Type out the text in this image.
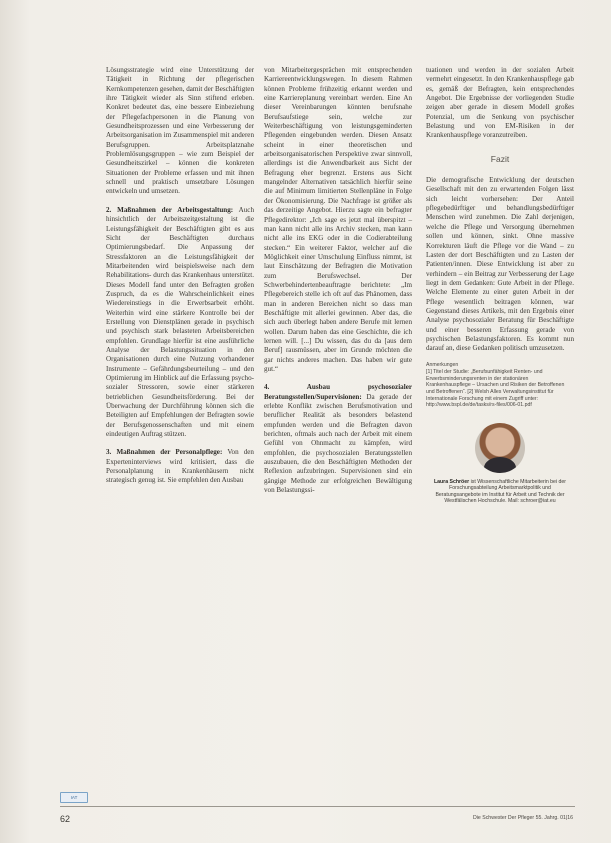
Lösungsstrategie wird eine Unterstützung der Tätigkeit in Richtung der pflegerischen Kernkompetenzen gesehen, damit der Beschäftigten ihre Tätigkeit wieder als Sinn stiftend erleben. Konkret bedeutet das, eine bessere Einbeziehung der Pflegefachpersonen in die Planung von Gesundheitsprozessen und eine Verbesserung der Arbeitsorganisation im Zusammenspiel mit anderen Berufsgruppen. Arbeitsplatznahe Problemlösungsgruppen – wie zum Beispiel der Gesundheitszirkel – können die konkreten Situationen der Probleme erfassen und mit ihnen schnell und praktisch umsetzbare Lösungen entwickeln und umsetzen.

2. Maßnahmen der Arbeitsgestaltung: Auch hinsichtlich der Arbeitszeitgestaltung ist die Leistungsfähigkeit der Beschäftigten gibt es aus Sicht der Beschäftigten durchaus Optimierungsbedarf. Die Anpassung der Stressfaktoren an die Leistungsfähigkeit der Mitarbeitenden wird beispielsweise nach dem Rehabilitations- durch das Krankenhaus unterstützt. Dieses Modell fand unter den Befragten großen Zuspruch, da es die Wahrscheinlichkeit eines Wiedereinstiegs in die Erwerbsarbeit erhöht. Weiterhin wird eine stärkere Kontrolle bei der Erstellung von Dienstplänen gerade in psychisch und psychisch stark belasteten Arbeitsbereichen empfohlen. Grundlage hierfür ist eine ausführliche Analyse der Belastungssituation in den Organisationen durch eine Nutzung vorhandener Instrumente – Gefährdungsbeurteilung – und den Optimierung im Hinblick auf die Erfassung psycho-sozialer Stressoren, sowie einer stärkeren betrieblichen Gesundheitsförderung. Bei der Überwachung der Durchführung können sich die Beteiligten auf Empfehlungen der Befragten sowie der Berufsgenossenschaften und mit einem eindeutigen Auftrag stützen.

3. Maßnahmen der Personalpflege: Von den Experteninterviews wird kritisiert, dass die Personalplanung in Krankenhäusern nicht strategisch genug ist. Sie empfehlen den Ausbau

von Mitarbeitergesprächen mit entsprechenden Karriereentwicklungswegen. In diesem Rahmen können Probleme frühzeitig erkannt werden und eine Karriereplanung vereinbart werden. Eine An dieser Vereinbarungen könnten berufsnahe Berufsaufstiege sein, welche zur Weiterbeschäftigung von leistungsgeminderten Pflegenden eingebunden werden. Diesen Ansatz scheint in einer theoretischen und arbeitsorganisatorischen Perspektive zwar sinnvoll, allerdings ist die Anwendbarkeit aus Sicht der Befragung eher begrenzt. Erstens aus Sicht mangelnder Alternativen tatsächlich hierfür seine die auf Minimum limitierten Stellenpläne in Folge der Ökonomisierung. Die Nachfrage ist größer als das derzeitige Angebot. Hierzu sagte ein befragter Pflegedirektor: „Ich sage es jetzt mal überspitzt – man kann nicht alle ins Archiv stecken, man kann nicht alle ins EKG oder in die Codierabteilung stecken.“ Ein weiterer Faktor, welcher auf die Möglichkeit einer Umschulung Einfluss nimmt, ist laut Einschätzung der Befragten die Motivation zum Berufswechsel. Der Schwerbehindertenbeauftragte berichtete: „Im Pflegebereich stelle ich oft auf das Phänomen, dass man in anderen Bereichen nicht so dass man Beschäftigte mit allerlei gewinnen. Aber das, die sich auch überlegt haben andere Berufe mit lernen wollen. Darum haben das eine Geschichte, die ich lernen will. [...] Du wissen, das du da [aus dem Beruf] rausmüssen, aber im Grunde möchten die gar nichts anderes machen. Das haben wir gute gut.“

4. Ausbau psychosozialer Beratungsstellen/Supervisionen: Da gerade der erlebte Konflikt zwischen Berufsmotivation und beruflicher Realität als besonders belastend empfunden werden und die Befragten davon berichten, oftmals auch nach der Arbeit mit einem Gefühl von Ohnmacht zu kämpfen, wird empfohlen, die psychosozialen Beratungsstellen auszubauen, die den Beschäftigten Methoden der Reflexion aufzubringen. Supervisionen sind ein gängige Methode zur erfolgreichen Bewältigung von Belastungssi-

tuationen und werden in der sozialen Arbeit vermehrt eingesetzt. In den Krankenhauspflege gab es, gemäß der Befragten, kein entsprechendes Angebot. Die Ergebnisse der vorliegenden Studie zeigen aber gerade in diesem Modell großes Potenzial, um die Senkung von psychischer Belastung und von EM-Risiken in der Krankenhauspflege voranzutreiben.

Fazit

Die demografische Entwicklung der deutschen Gesellschaft mit den zu erwartenden Folgen lässt sich leicht vorhersehen: Der Anteil pflegebedürftiger und behandlungsbedürftiger Menschen wird zunehmen. Die Zahl derjenigen, welche die Pflege und Versorgung übernehmen sollen und können, sinkt. Ohne massive Korrekturen läuft die Pflege vor die Wand – zu Lasten der dort Beschäftigten und zu Lasten der Patienten/innen. Diese Entwicklung ist aber zu verhindern – ein Beitrag zur Verbesserung der Lage liegt in dem Gedanken: Gute Arbeit in der Pflege. Welche Elemente zu einer guten Arbeit in der Pflege wesentlich beitragen können, war Gegenstand dieses Artikels, mit den Ergebnis einer Analyse psychosozialer Beratung für Beschäftigte und einer besseren Erfassung gerade von psychischen Belastungsfaktoren. Es kommt nun darauf an, diese Gedanken politisch umzusetzen.

Anmerkungen
[1] Titel der Studie: „Berufsunfähigkeit Renten- und Erwerbsminderungsrenten in der stationären Krankenhauspflege – Ursachen und Risiken der Betroffenen und Betroffenen“. [2] Welsh Alles Verwaltungsinstitut für Internationale Forschung mit einem Zugriff unter: http://www.bspl.de/de/tasks/rs-files/006-01.pdf
Laura Schröer ist Wissenschaftliche Mitarbeiterin bei der Forschungsabteilung Arbeitsmarktpolitik und Beratungsangebote im Institut für Arbeit und Technik der Westfälischen Hochschule. Mail: schroer@iat.eu
IAT
62	Die Schwester Der Pfleger 55. Jahrg. 01|16
